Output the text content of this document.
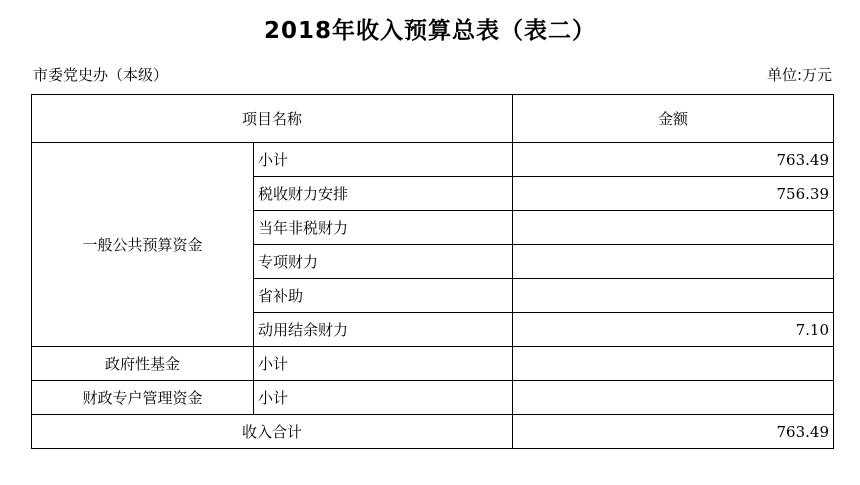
2018年收入预算总表（表二）
市委党史办（本级）	单位:万元
项目名称		金额
一般公共预算资金	小计	763.49
	税收财力安排	756.39
	当年非税财力	
	专项财力	
	省补助	
	动用结余财力	7.10
政府性基金	小计	
财政专户管理资金	小计	
收入合计		763.49
